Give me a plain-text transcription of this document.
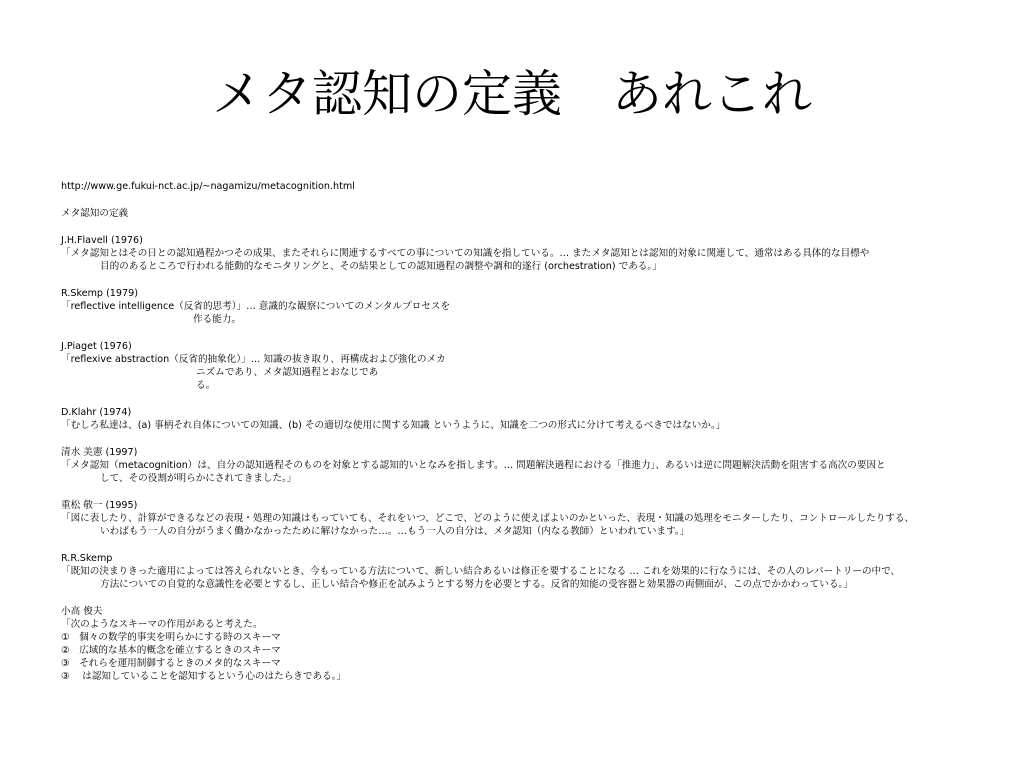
メタ認知の定義　あれこれ
http://www.ge.fukui-nct.ac.jp/~nagamizu/metacognition.html
メタ認知の定義
J.H.Flavell (1976)
「メタ認知とはその日との認知過程かつその成果、またそれらに関連するすべての事についての知識を指している。… またメタ認知とは認知的対象に関連して、通常はある具体的な目標や
目的のあるところで行われる能動的なモニタリングと、その結果としての認知過程の調整や調和的遂行 (orchestration) である。」
R.Skemp (1979)
「reflective intelligence（反省的思考）」… 意識的な観察についてのメンタルプロセスを
作る能力。
J.Piaget (1976)
「reflexive abstraction（反省的抽象化）」… 知識の抜き取り、再構成および強化のメカ
ニズムであり、メタ認知過程とおなじであ
る。
D.Klahr (1974)
「むしろ私達は、(a) 事柄それ自体についての知識、(b) その適切な使用に関する知識 というように、知識を二つの形式に分けて考えるべきではないか。」
清水 美憲 (1997)
「メタ認知（metacognition）は、自分の認知過程そのものを対象とする認知的いとなみを指します。… 問題解決過程における「推進力」、あるいは逆に問題解決活動を阻害する高次の要因と
して、その役割が明らかにされてきました。」
重松 敬一 (1995)
「図に表したり、計算ができるなどの表現・処理の知識はもっていても、それをいつ、どこで、どのように使えばよいのかといった、表現・知識の処理をモニターしたり、コントロールしたりする、
いわばもう一人の自分がうまく働かなかったために解けなかった…。…もう一人の自分は、メタ認知（内なる教師）といわれています。」
R.R.Skemp
「既知の決まりきった適用によっては答えられないとき、今もっている方法について、新しい結合あるいは修正を要することになる … これを効果的に行なうには、その人のレパートリーの中で、
方法についての自覚的な意識性を必要とするし、正しい結合や修正を試みようとする努力を必要とする。反省的知能の受容器と効果器の両側面が、この点でかかわっている。」
小高 俊夫
「次のようなスキーマの作用があると考えた。
①　個々の数学的事実を明らかにする時のスキーマ
②　広域的な基本的概念を確立するときのスキーマ
③　それらを運用制御するときのメタ的なスキーマ
③　 は認知していることを認知するという心のはたらきである。」
